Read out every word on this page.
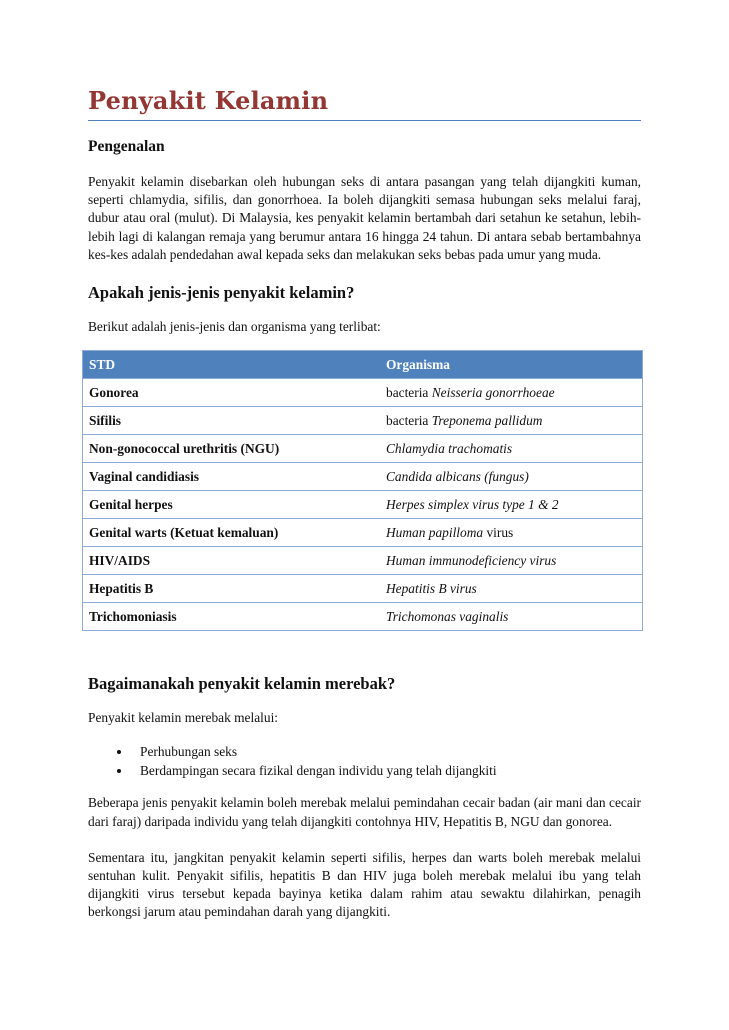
Penyakit Kelamin
Pengenalan

Penyakit kelamin disebarkan oleh hubungan seks di antara pasangan yang telah dijangkiti kuman, seperti chlamydia, sifilis, dan gonorrhoea. Ia boleh dijangkiti semasa hubungan seks melalui faraj, dubur atau oral (mulut). Di Malaysia, kes penyakit kelamin bertambah dari setahun ke setahun, lebih-lebih lagi di kalangan remaja yang berumur antara 16 hingga 24 tahun. Di antara sebab bertambahnya kes-kes adalah pendedahan awal kepada seks dan melakukan seks bebas pada umur yang muda.

Apakah jenis-jenis penyakit kelamin?

Berikut adalah jenis-jenis dan organisma yang terlibat:

STD	Organisma
Gonorea	bacteria Neisseria gonorrhoeae
Sifilis	bacteria Treponema pallidum
Non-gonococcal urethritis (NGU)	Chlamydia trachomatis
Vaginal candidiasis	Candida albicans (fungus)
Genital herpes	Herpes simplex virus type 1 & 2
Genital warts (Ketuat kemaluan)	Human papilloma virus
HIV/AIDS	Human immunodeficiency virus
Hepatitis B	Hepatitis B virus
Trichomoniasis	Trichomonas vaginalis
Bagaimanakah penyakit kelamin merebak?

Penyakit kelamin merebak melalui:

• Perhubungan seks
• Berdampingan secara fizikal dengan individu yang telah dijangkiti

Beberapa jenis penyakit kelamin boleh merebak melalui pemindahan cecair badan (air mani dan cecair dari faraj) daripada individu yang telah dijangkiti contohnya HIV, Hepatitis B, NGU dan gonorea.

Sementara itu, jangkitan penyakit kelamin seperti sifilis, herpes dan warts boleh merebak melalui sentuhan kulit. Penyakit sifilis, hepatitis B dan HIV juga boleh merebak melalui ibu yang telah dijangkiti virus tersebut kepada bayinya ketika dalam rahim atau sewaktu dilahirkan, penagih berkongsi jarum atau pemindahan darah yang dijangkiti.
